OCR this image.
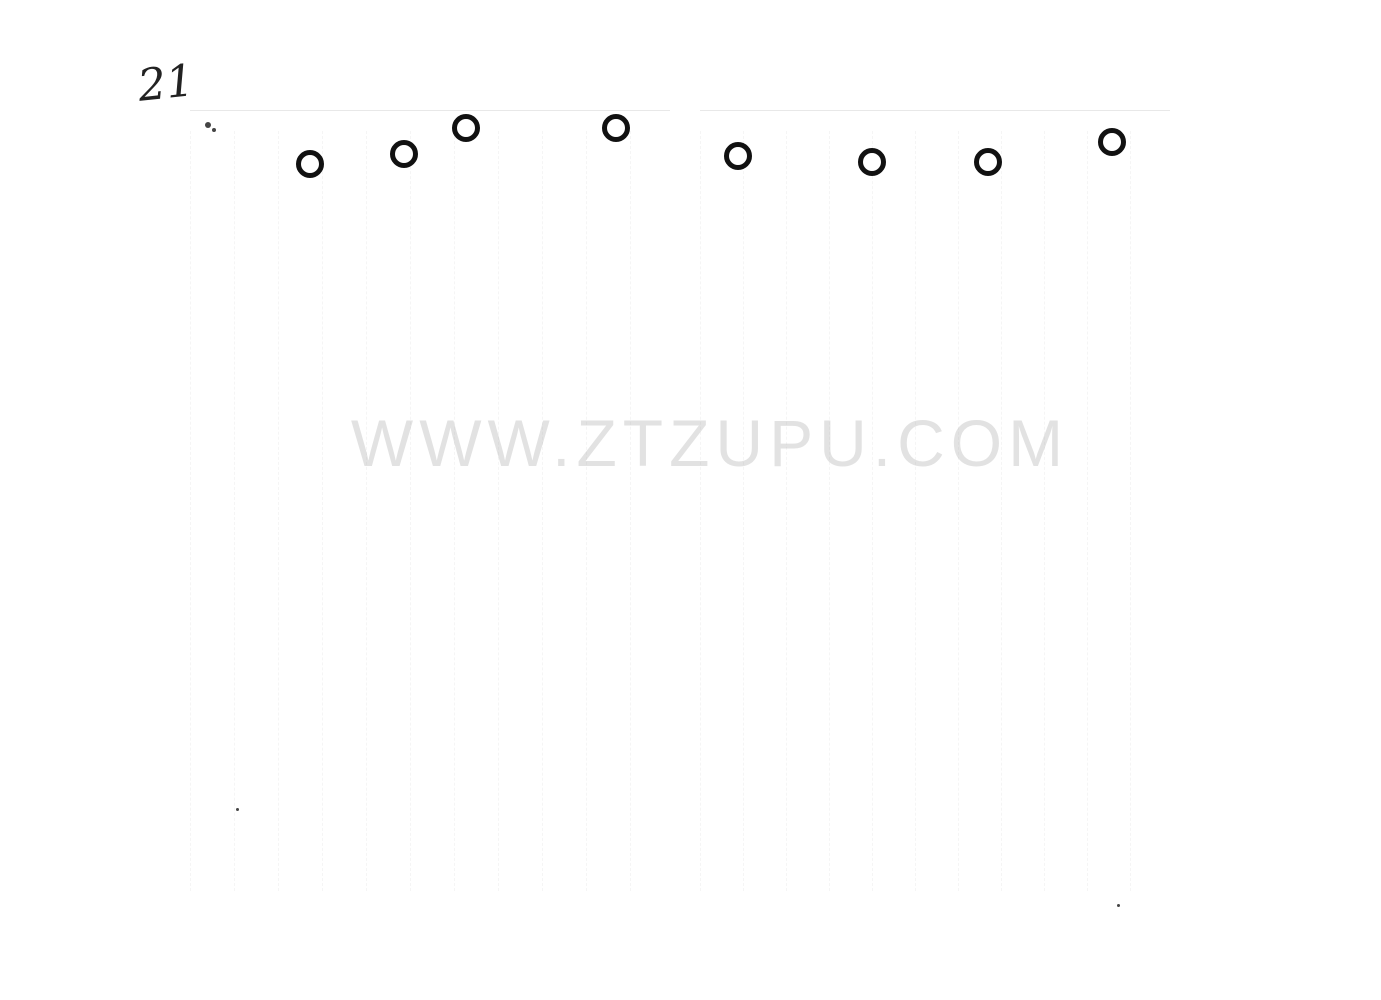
21
WWW.ZTZUPU.COM
